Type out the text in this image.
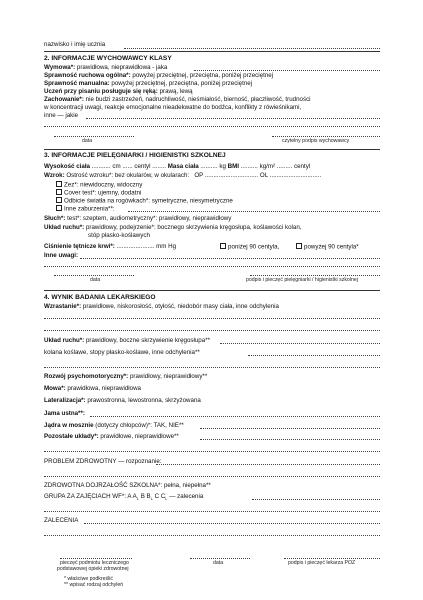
nazwisko i imię ucznia
2. INFORMACJE WYCHOWAWCY KLASY
Wymowa*: prawidłowa, nieprawidłowa - jaka
Sprawność ruchowa ogólna*: powyżej przeciętnej, przeciętna, poniżej przeciętnej
Sprawność manualna: powyżej przeciętnej, przeciętna, poniżej przeciętnej
Uczeń przy pisaniu posługuje się ręką: prawą, lewą
Zachowanie*: nie budzi zastrzeżeń, nadruchliwość, nieśmiałość, bierność, płaczliwość, trudności
w koncentracji uwagi, reakcje emocjonalne nieadekwatne do bodźca, konflikty z rówieśnikami,
inne — jakie
data	czytelny podpis wychowawcy
3. INFORMACJE PIELĘGNIARKI / HIGIENISTKI SZKOLNEJ
Wysokość ciała ........... cm ...... centyl ........ Masa ciała .......... kg BMI .......... kg/m² ......... centyl
Wzrok: Ostrość wzroku*: bez okularów, w okularach: OP ............................... OL ..............................
Zez*: niewidoczny, widoczny
Cover test*: ujemny, dodatni
Odbicie światła na rogówkach*: symetryczne, niesymetryczne
Inne zaburzenia**:
Słuch*: test*: szeptem, audiometryczny*: prawidłowy, nieprawidłowy
Układ ruchu*: prawidłowy, podejrzenie*: bocznego skrzywienia kręgosłupa, koślawości kolan,
stóp płasko-koślawych
Ciśnienie tętnicze krwi*: ...................... mm Hg	poniżej 90 centyla,	powyżej 90 centyla*
Inne uwagi:
data	podpis i pieczęć pielęgniarki / higienistki szkolnej
4. WYNIK BADANIA LEKARSKIEGO
Wzrastanie*: prawidłowe, niskorosłość, otyłość, niedobór masy ciała, inne odchylenia
Układ ruchu*: prawidłowy, boczne skrzywienie kręgosłupa**
kolana koślawe, stopy płasko-koślawe, inne odchylenia**
Rozwój psychomotoryczny*: prawidłowy, nieprawidłowy**
Mowa*: prawidłowa, nieprawidłowa
Lateralizacja*: prawostronna, lewostronna, skrzyżowana
Jama ustna**:
Jądra w mosznie (dotyczy chłopców)*: TAK, NIE**
Pozostałe układy*: prawidłowe, nieprawidłowe**
PROBLEM ZDROWOTNY — rozpoznanie:
ZDROWOTNA DOJRZAŁOŚĆ SZKOLNA*: pełna, niepełna**
GRUPA ZA ZAJĘCIACH WF*: A $A_L$ B $B_L$ C $C_L$ — zalecenia
ZALECENIA
pieczęć podmiotu leczniczego
podstawowej opieki zdrowotnej
data	podpis i pieczęć lekarza POZ
* właściwe podkreślić
** wpisać rodzaj odchyleń
